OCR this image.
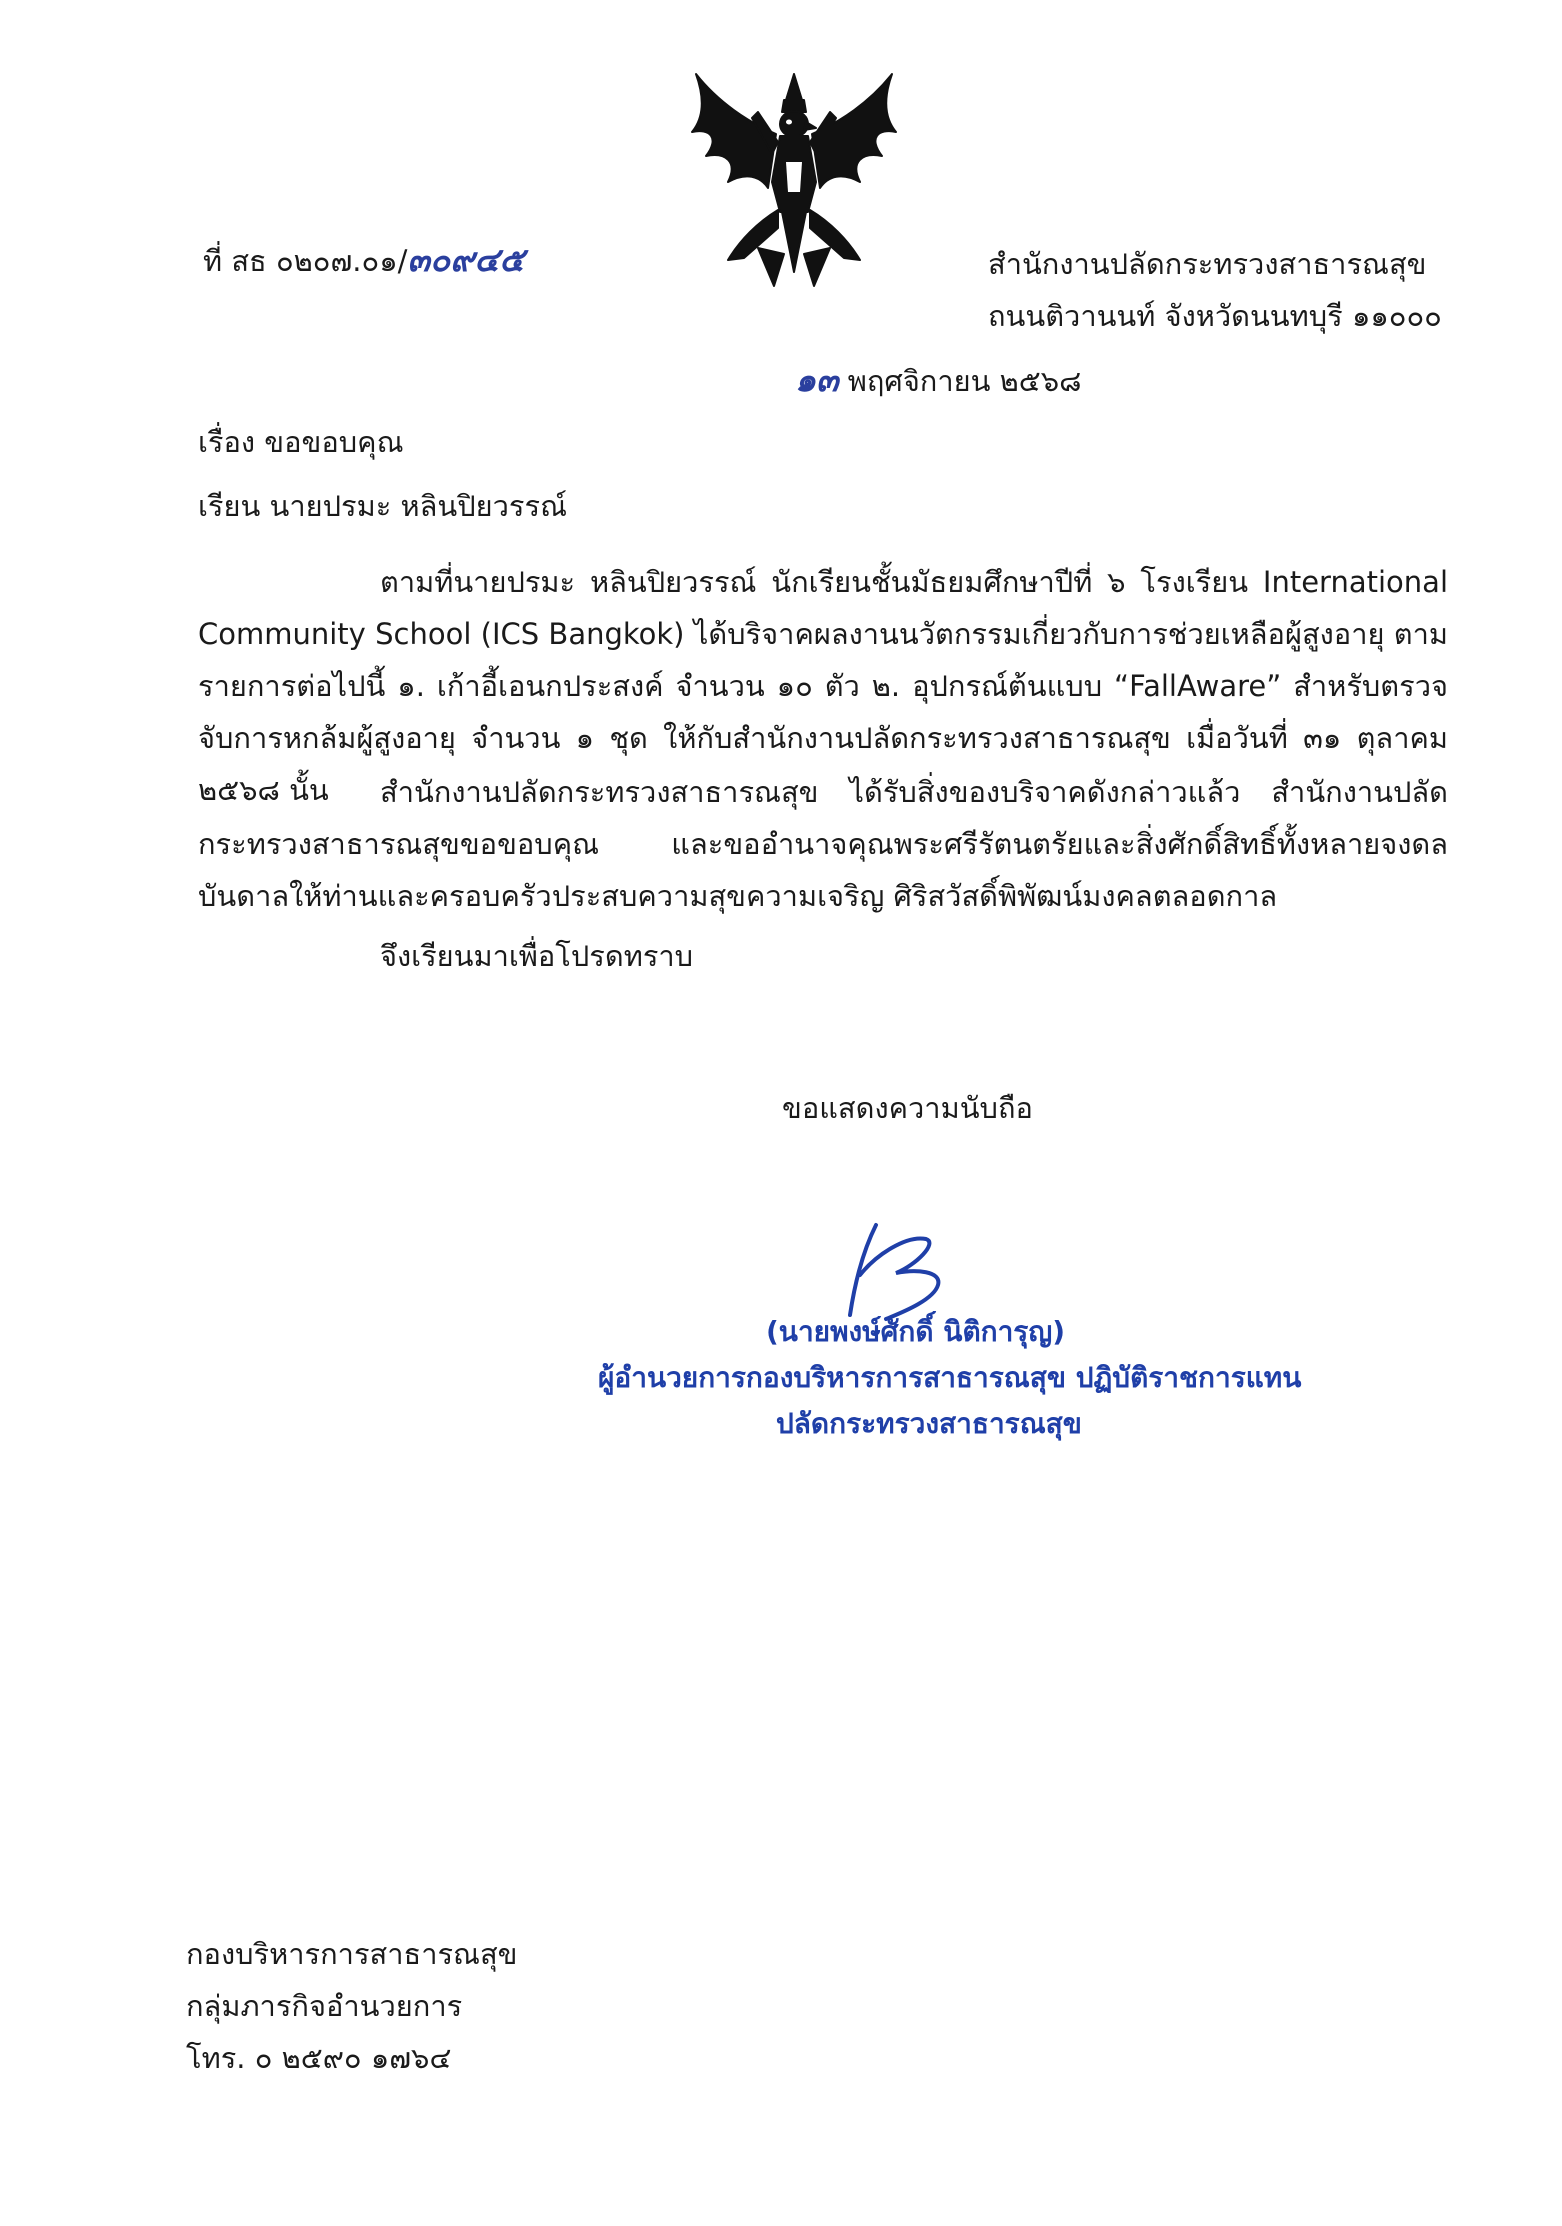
ที่ สธ ๐๒๐๗.๐๑/๓๐๙๔๕	สำนักงานปลัดกระทรวงสาธารณสุข
ถนนติวานนท์ จังหวัดนนทบุรี ๑๑๐๐๐
๑๓ พฤศจิกายน ๒๕๖๘
เรื่อง ขอขอบคุณ
เรียน นายปรมะ หลินปิยวรรณ์
ตามที่นายปรมะ หลินปิยวรรณ์ นักเรียนชั้นมัธยมศึกษาปีที่ ๖ โรงเรียน International Community School (ICS Bangkok) ได้บริจาคผลงานนวัตกรรมเกี่ยวกับการช่วยเหลือผู้สูงอายุ ตามรายการต่อไปนี้ ๑. เก้าอี้เอนกประสงค์ จำนวน ๑๐ ตัว ๒. อุปกรณ์ต้นแบบ “FallAware” สำหรับตรวจจับการหกล้มผู้สูงอายุ จำนวน ๑ ชุด ให้กับสำนักงานปลัดกระทรวงสาธารณสุข เมื่อวันที่ ๓๑ ตุลาคม ๒๕๖๘ นั้น	สำนักงานปลัดกระทรวงสาธารณสุข ได้รับสิ่งของบริจาคดังกล่าวแล้ว สำนักงานปลัดกระทรวงสาธารณสุขขอขอบคุณ และขออำนาจคุณพระศรีรัตนตรัยและสิ่งศักดิ์สิทธิ์ทั้งหลายจงดลบันดาลให้ท่านและครอบครัวประสบความสุขความเจริญ ศิริสวัสดิ์พิพัฒน์มงคลตลอดกาล
จึงเรียนมาเพื่อโปรดทราบ
ขอแสดงความนับถือ
(นายพงษ์ศักดิ์ นิติการุญ)
ผู้อำนวยการกองบริหารการสาธารณสุข ปฏิบัติราชการแทน
ปลัดกระทรวงสาธารณสุข
กองบริหารการสาธารณสุข
กลุ่มภารกิจอำนวยการ
โทร. ๐ ๒๕๙๐ ๑๗๖๔
